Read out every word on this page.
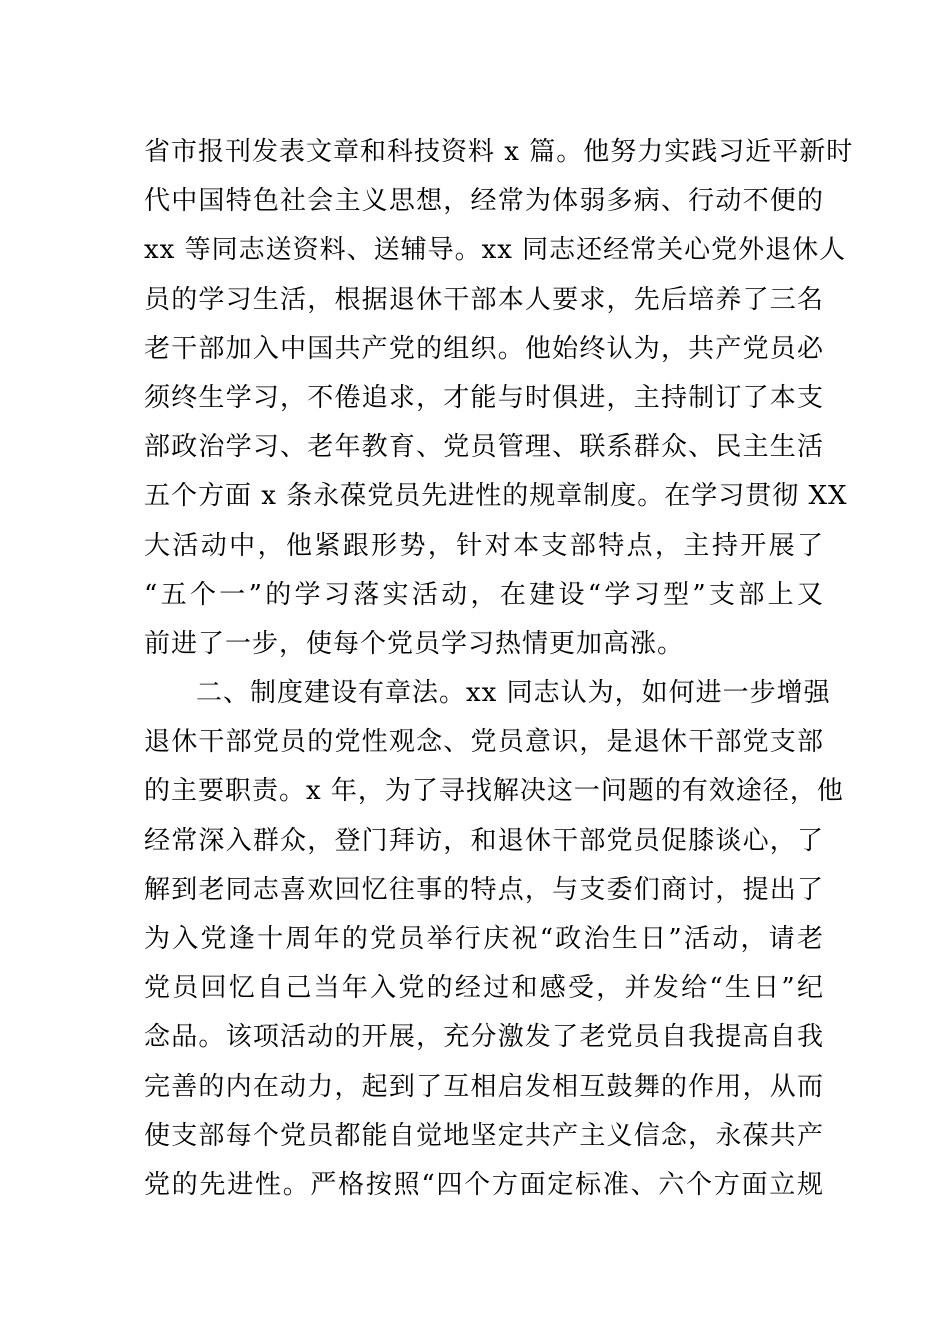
省市报刊发表文章和科技资料 x 篇。他努力实践习近平新时
代中国特色社会主义思想，经常为体弱多病、行动不便的
xx 等同志送资料、送辅导。xx 同志还经常关心党外退休人
员的学习生活，根据退休干部本人要求，先后培养了三名
老干部加入中国共产党的组织。他始终认为，共产党员必
须终生学习，不倦追求，才能与时俱进，主持制订了本支
部政治学习、老年教育、党员管理、联系群众、民主生活
五个方面 x 条永葆党员先进性的规章制度。在学习贯彻 XX
大活动中，他紧跟形势，针对本支部特点，主持开展了
“五个一”的学习落实活动，在建设“学习型”支部上又
前进了一步，使每个党员学习热情更加高涨。
二、制度建设有章法。xx 同志认为，如何进一步增强
退休干部党员的党性观念、党员意识，是退休干部党支部
的主要职责。x 年，为了寻找解决这一问题的有效途径，他
经常深入群众，登门拜访，和退休干部党员促膝谈心，了
解到老同志喜欢回忆往事的特点，与支委们商讨，提出了
为入党逢十周年的党员举行庆祝“政治生日”活动，请老
党员回忆自己当年入党的经过和感受，并发给“生日”纪
念品。该项活动的开展，充分激发了老党员自我提高自我
完善的内在动力，起到了互相启发相互鼓舞的作用，从而
使支部每个党员都能自觉地坚定共产主义信念，永葆共产
党的先进性。严格按照“四个方面定标准、六个方面立规
